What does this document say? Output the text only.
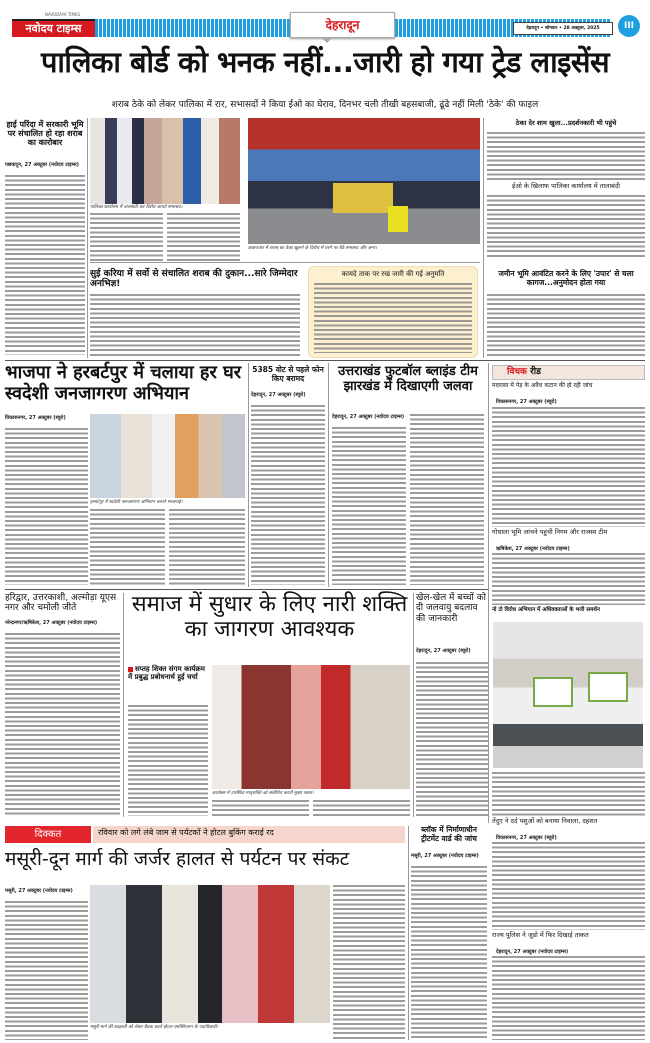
NAVODAYA TIMES
नवोदय टाइम्स	देहरादून	देहरादून • सोमवार • 28 अक्टूबर, 2025	III
पालिका बोर्ड को भनक नहीं...जारी हो गया ट्रेड लाइसेंस
शराब ठेके को लेकर पालिका में रार, सभासदों ने किया ईओ का घेराव, दिनभर चली तीखी बहसबाजी, ढूंढे नहीं मिली 'ठेके' की फाइल
हाई परिंदा में सरकारी भूमि पर संचालित हो रहा शराब का कारोबार
पछवादून, 27 अक्टूबर (नवोदय टाइम्स)
पालिका कार्यालय में तालाबंदी कर विरोध जताते सभासद।
डाकपत्थर में शराब का ठेका खुलने के विरोध में धरने पर बैठे सभासद और अन्य।
सुई करिया में सर्वो से संचालित शराब की दुकान...सारे जिम्मेदार अनभिज्ञ!
कायदे ताक पर रख जारी की गई अनुमति
ठेका देर शाम खुला...प्रदर्शनकारी भी पहुंचे
ईओ के खिलाफ पालिका कार्यालय में तालाबंदी
जमीन भूमि आवंटित करने के लिए 'उपार' से चला कागज...अनुमोदन होता गया
भाजपा ने हरबर्टपुर में चलाया हर घर स्वदेशी जनजागरण अभियान
विकासनगर, 27 अक्टूबर (ब्यूरो)
हरबर्टपुर में स्वदेशी जनजागरण अभियान चलाते भाजपाई।
5385 वोट से पहले फोन किए बरामद
देहरादून, 27 अक्टूबर (ब्यूरो)
उत्तराखंड फुटबॉल ब्लाइंड टीम झारखंड में दिखाएगी जलवा
देहरादून, 27 अक्टूबर (नवोदय टाइम्स)
विचक रीड
मदरासा में पेड़ के अवैध कटान की हो रही जांच
विकासनगर, 27 अक्टूबर (ब्यूरो)
गोधाला भूमि जांचने पहुंची निगम और राजस्व टीम
ऋषिकेश, 27 अक्टूबर (नवोदय टाइम्स)
नो टो विरोध अभियान में अधिवक्ताओं के भारी समर्थन
तेंदुए ने दर्द पशुओं को बनाया निवाला, दहशत
विकासनगर, 27 अक्टूबर (ब्यूरो)
राज्य पुलिस ने जूडो में फिर दिखाई ताकत
देहरादून, 27 अक्टूबर (नवोदय टाइम्स)
हरिद्वार, उत्तरकाशी, अल्मोड़ा यूएस नगर और चमोली जीते
नरेन्द्रनगर/ऋषिकेश, 27 अक्टूबर (नवोदय टाइम्स)
समाज में सुधार के लिए नारी शक्ति का जागरण आवश्यक
सप्तह शिक्त संगम कार्यक्रम में प्रबुद्ध प्रबोधनार्थ हुई चर्चा
कार्यक्रम में उपस्थित मातृशक्ति को संबोधित करती मुख्य वक्ता।
खेल-खेल में बच्चों को दी जलवायु बदलाव की जानकारी
देहरादून, 27 अक्टूबर (ब्यूरो)
दिक्कत	रविवार को लगे लंबे जाम से पर्यटकों ने होटल बुकिंग कराई रद
मसूरी-दून मार्ग की जर्जर हालत से पर्यटन पर संकट
मसूरी, 27 अक्टूबर (नवोदय टाइम्स)
मसूरी मार्ग की बदहाली को लेकर बैठक करते होटल एसोसिएशन के पदाधिकारी।
ब्लॉक में निर्माणाधीन ट्रीटमेंट वार्ड की जांच
मसूरी, 27 अक्टूबर (नवोदय टाइम्स)
